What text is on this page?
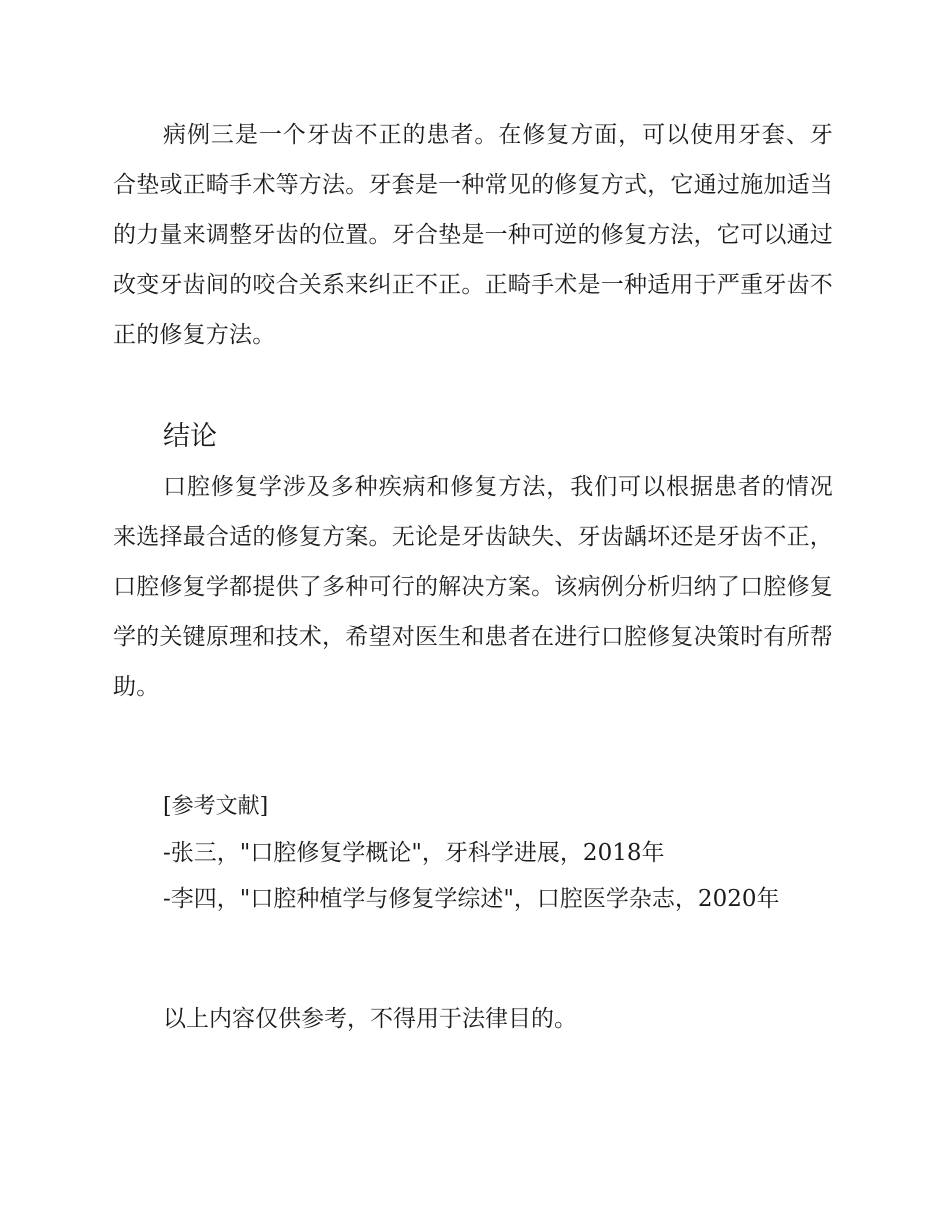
病例三是一个牙齿不正的患者。在修复方面，可以使用牙套、牙合垫或正畸手术等方法。牙套是一种常见的修复方式，它通过施加适当的力量来调整牙齿的位置。牙合垫是一种可逆的修复方法，它可以通过改变牙齿间的咬合关系来纠正不正。正畸手术是一种适用于严重牙齿不正的修复方法。

结论

口腔修复学涉及多种疾病和修复方法，我们可以根据患者的情况来选择最合适的修复方案。无论是牙齿缺失、牙齿龋坏还是牙齿不正，口腔修复学都提供了多种可行的解决方案。该病例分析归纳了口腔修复学的关键原理和技术，希望对医生和患者在进行口腔修复决策时有所帮助。

[参考文献]

-张三，"口腔修复学概论"，牙科学进展，2018年

-李四，"口腔种植学与修复学综述"，口腔医学杂志，2020年

以上内容仅供参考，不得用于法律目的。
